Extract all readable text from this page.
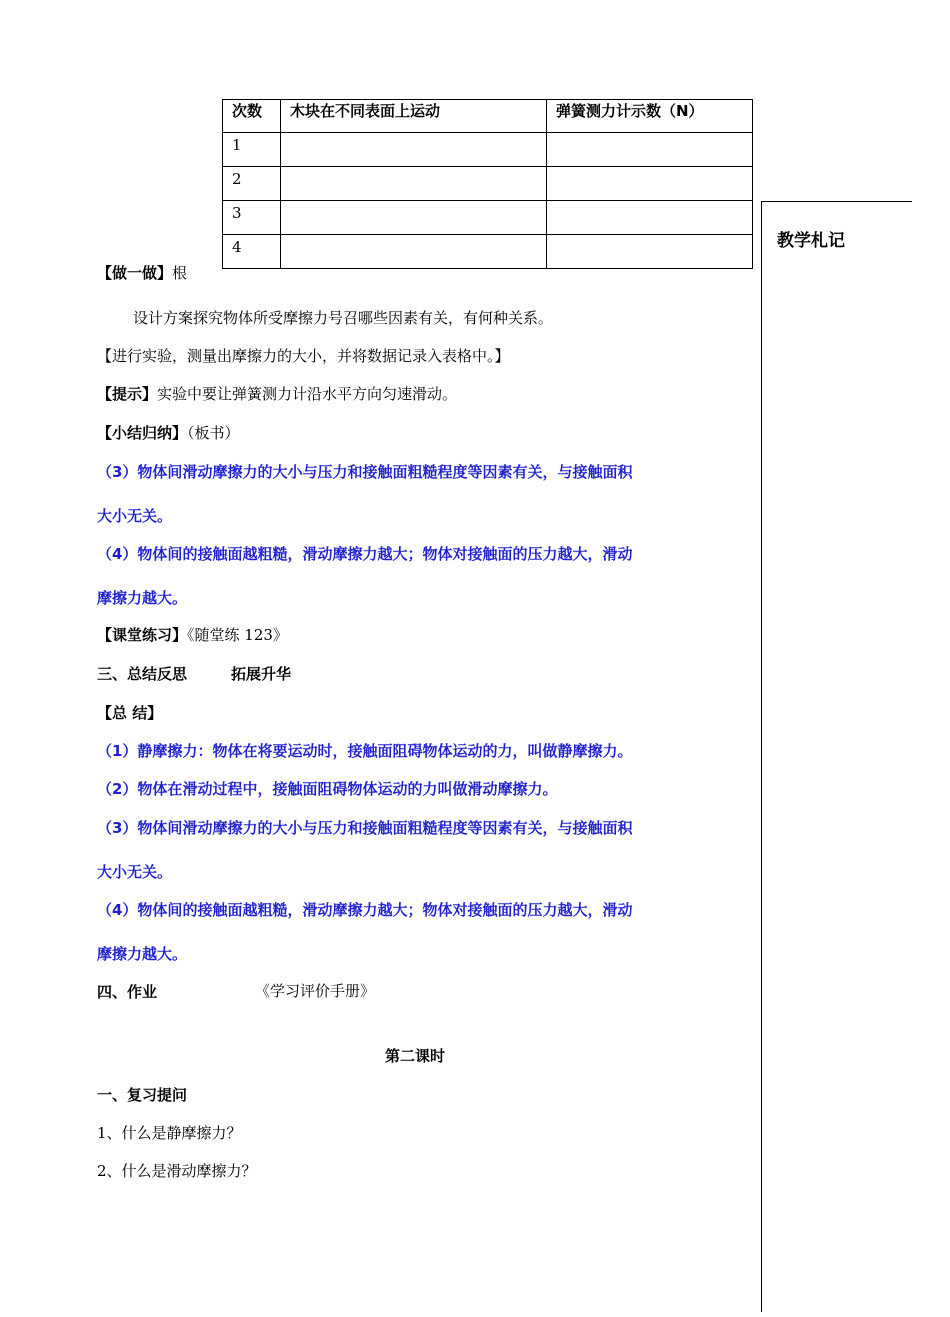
次数	木块在不同表面上运动	弹簧测力计示数（N）
1		
2		
3		
4			教学札记
【做一做】根
设计方案探究物体所受摩擦力号召哪些因素有关，有何种关系。
【进行实验，测量出摩擦力的大小，并将数据记录入表格中。】
【提示】实验中要让弹簧测力计沿水平方向匀速滑动。
【小结归纳】（板书）
（3）物体间滑动摩擦力的大小与压力和接触面粗糙程度等因素有关，与接触面积
大小无关。
（4）物体间的接触面越粗糙，滑动摩擦力越大；物体对接触面的压力越大，滑动
摩擦力越大。
【课堂练习】《随堂练 123》
三、总结反思	拓展升华
【总 结】
（1）静摩擦力：物体在将要运动时，接触面阻碍物体运动的力，叫做静摩擦力。
（2）物体在滑动过程中，接触面阻碍物体运动的力叫做滑动摩擦力。
（3）物体间滑动摩擦力的大小与压力和接触面粗糙程度等因素有关，与接触面积
大小无关。
（4）物体间的接触面越粗糙，滑动摩擦力越大；物体对接触面的压力越大，滑动
摩擦力越大。
四、作业	《学习评价手册》
第二课时
一、复习提问
1、什么是静摩擦力？
2、什么是滑动摩擦力？
